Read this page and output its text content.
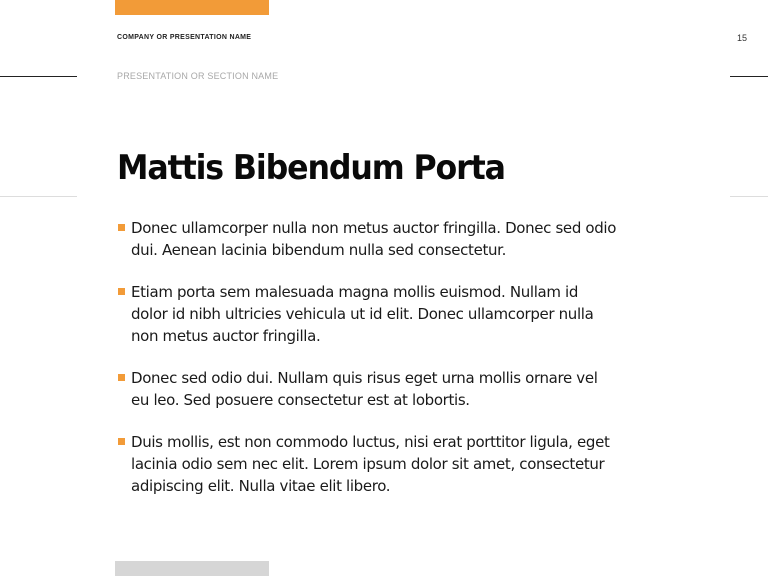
COMPANY OR PRESENTATION NAME	15
PRESENTATION OR SECTION NAME
Mattis Bibendum Porta
Donec ullamcorper nulla non metus auctor fringilla. Donec sed odio dui. Aenean lacinia bibendum nulla sed consectetur.
Etiam porta sem malesuada magna mollis euismod. Nullam id dolor id nibh ultricies vehicula ut id elit. Donec ullamcorper nulla non metus auctor fringilla.
Donec sed odio dui. Nullam quis risus eget urna mollis ornare vel eu leo. Sed posuere consectetur est at lobortis.
Duis mollis, est non commodo luctus, nisi erat porttitor ligula, eget lacinia odio sem nec elit. Lorem ipsum dolor sit amet, consectetur adipiscing elit. Nulla vitae elit libero.
